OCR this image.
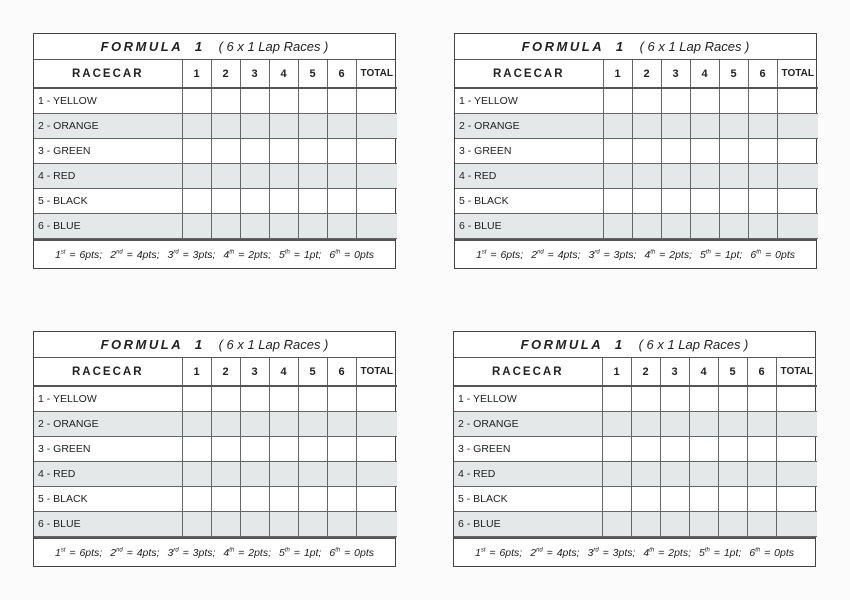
FORMULA  1 ( 6 x 1 Lap Races )
RACECAR	1	2	3	4	5	6	TOTAL
1 - YELLOW							
2 - ORANGE							
3 - GREEN							
4 - RED							
5 - BLACK							
6 - BLUE							
1st = 6pts; 2nd = 4pts; 3rd = 3pts; 4th = 2pts; 5th = 1pt; 6th = 0pts
FORMULA  1 ( 6 x 1 Lap Races )
RACECAR	1	2	3	4	5	6	TOTAL
1 - YELLOW							
2 - ORANGE							
3 - GREEN							
4 - RED							
5 - BLACK							
6 - BLUE							
1st = 6pts; 2nd = 4pts; 3rd = 3pts; 4th = 2pts; 5th = 1pt; 6th = 0pts
FORMULA  1 ( 6 x 1 Lap Races )
RACECAR	1	2	3	4	5	6	TOTAL
1 - YELLOW							
2 - ORANGE							
3 - GREEN							
4 - RED							
5 - BLACK							
6 - BLUE							
1st = 6pts; 2nd = 4pts; 3rd = 3pts; 4th = 2pts; 5th = 1pt; 6th = 0pts
FORMULA  1 ( 6 x 1 Lap Races )
RACECAR	1	2	3	4	5	6	TOTAL
1 - YELLOW							
2 - ORANGE							
3 - GREEN							
4 - RED							
5 - BLACK							
6 - BLUE							
1st = 6pts; 2nd = 4pts; 3rd = 3pts; 4th = 2pts; 5th = 1pt; 6th = 0pts
